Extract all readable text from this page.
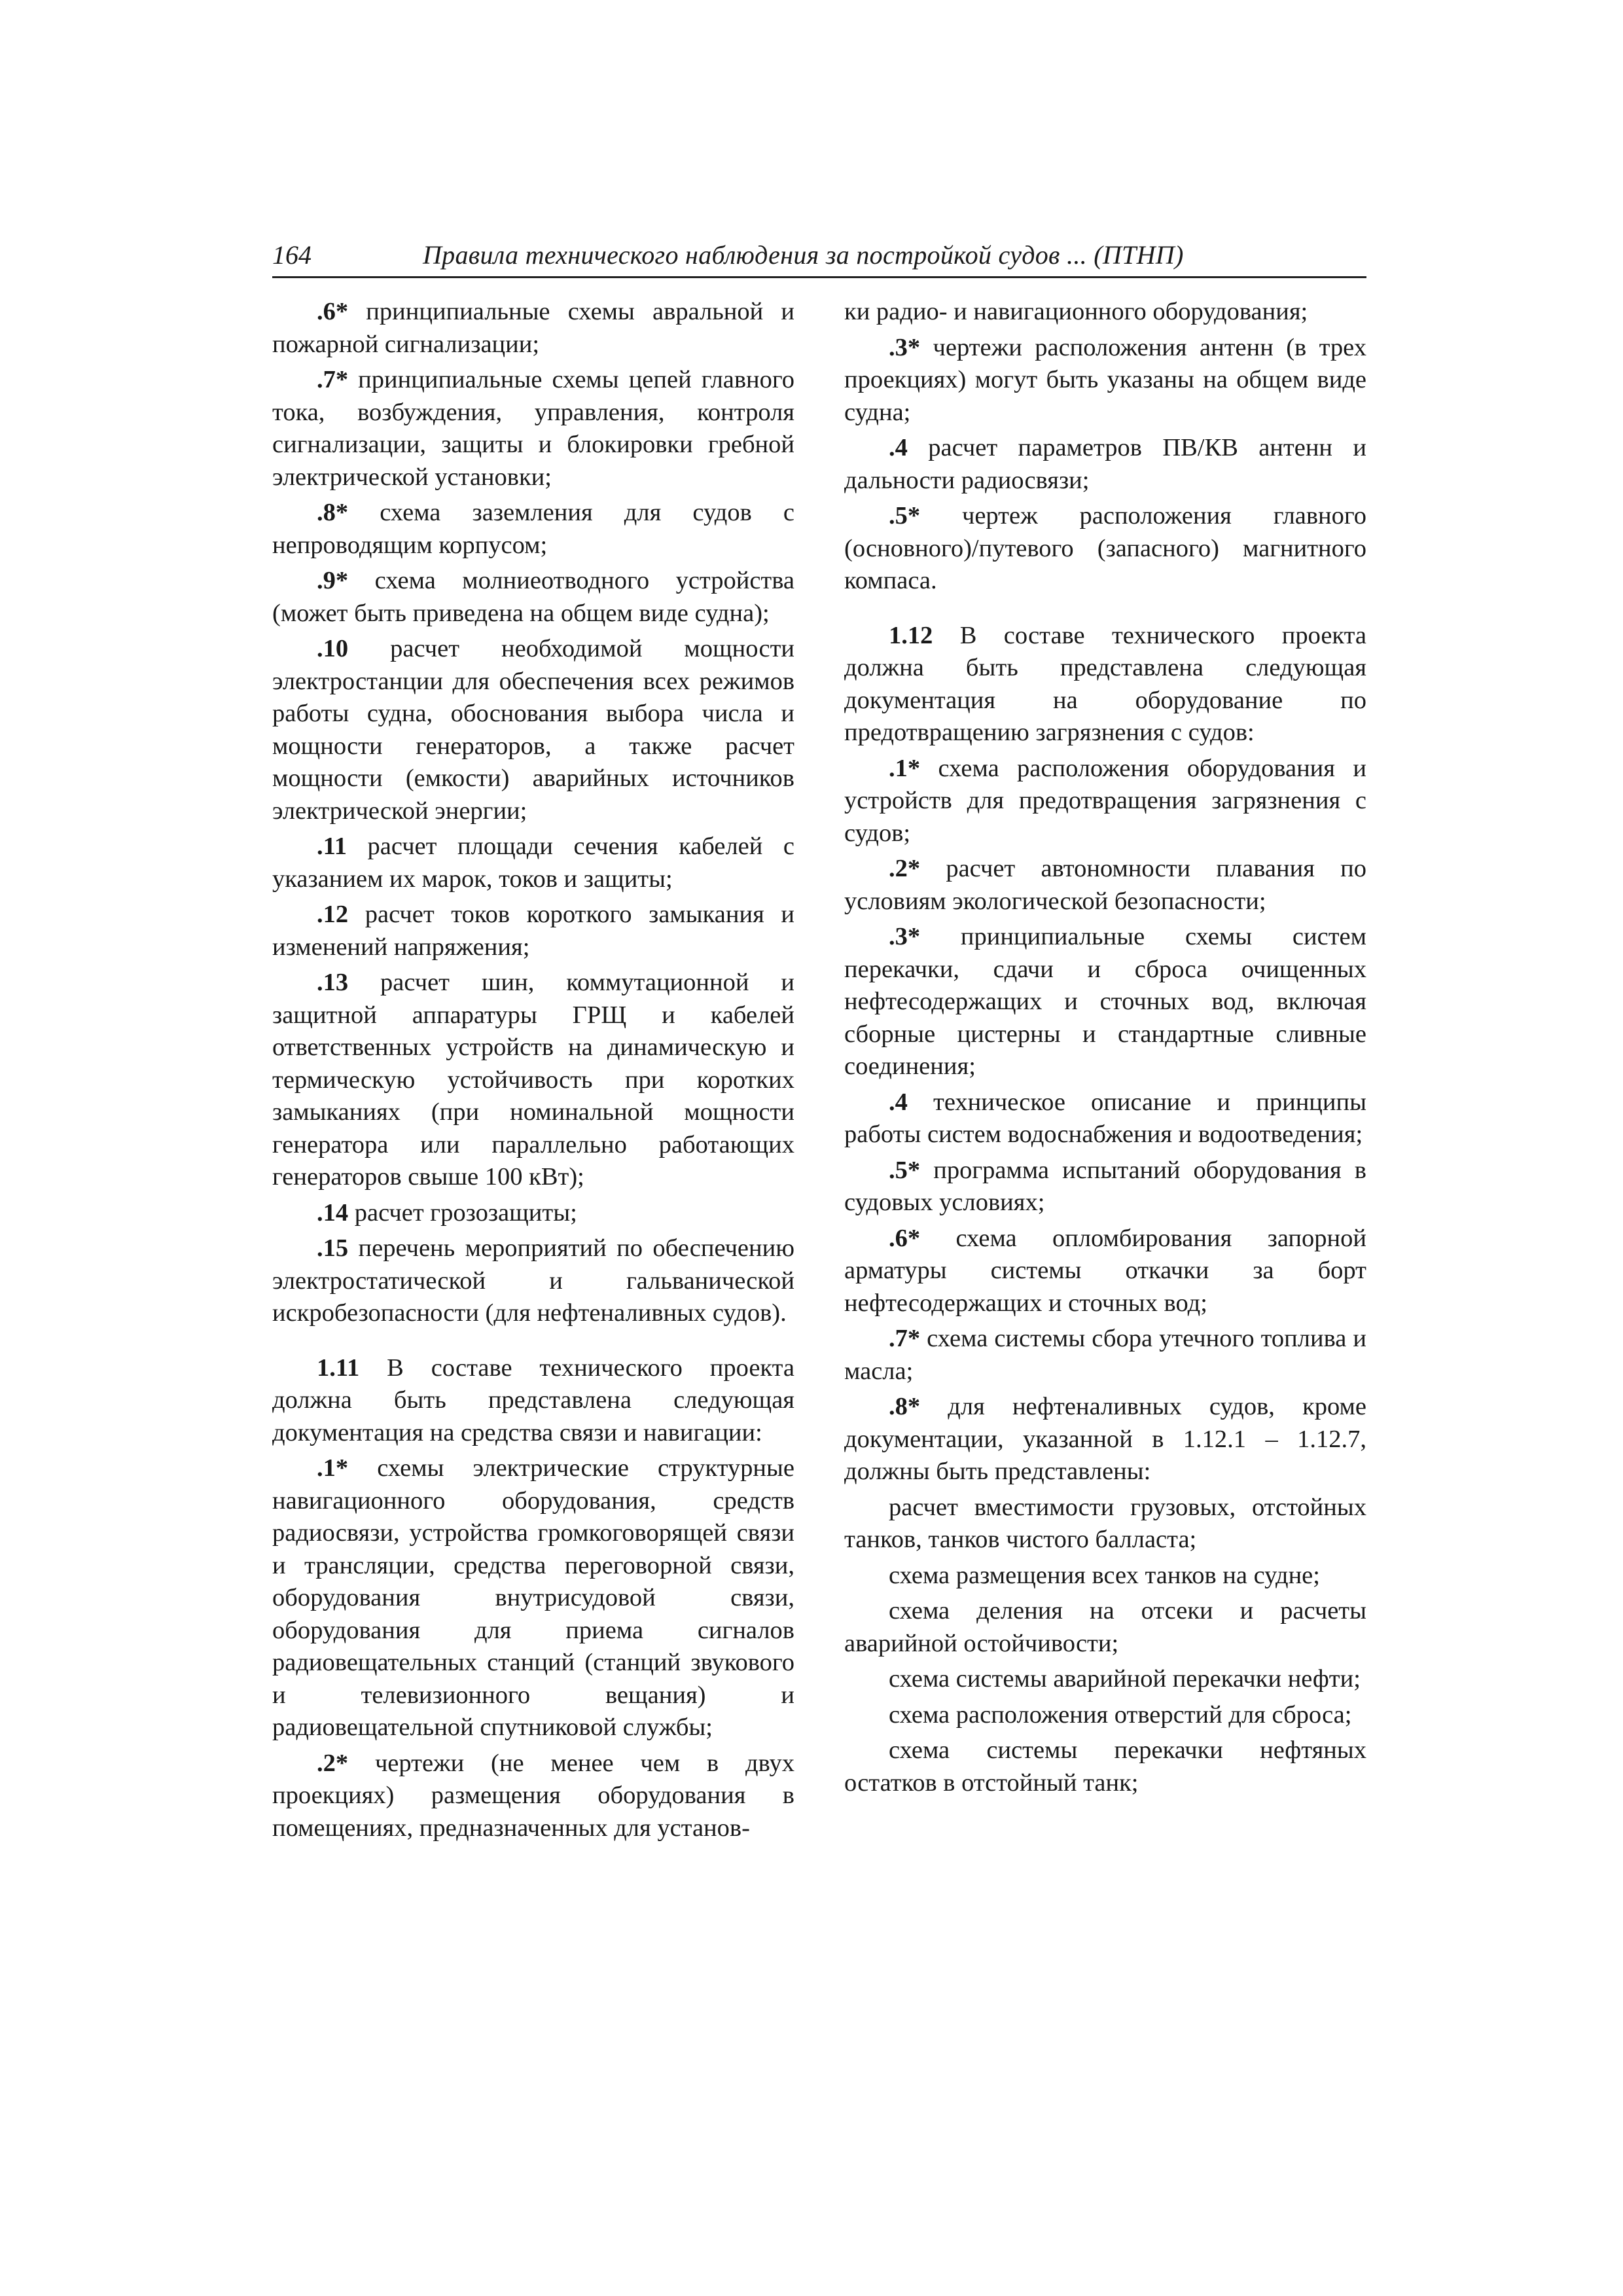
164	Правила технического наблюдения за постройкой судов ... (ПТНП)

.6* принципиальные схемы авральной и пожарной сигнализации;

.7* принципиальные схемы цепей главного тока, возбуждения, управления, контроля сигнализации, защиты и блокировки гребной электрической установки;

.8* схема заземления для судов с непроводящим корпусом;

.9* схема молниеотводного устройства (может быть приведена на общем виде судна);

.10 расчет необходимой мощности электростанции для обеспечения всех режимов работы судна, обоснования выбора числа и мощности генераторов, а также расчет мощности (емкости) аварийных источников электрической энергии;

.11 расчет площади сечения кабелей с указанием их марок, токов и защиты;

.12 расчет токов короткого замыкания и изменений напряжения;

.13 расчет шин, коммутационной и защитной аппаратуры ГРЩ и кабелей ответственных устройств на динамическую и термическую устойчивость при коротких замыканиях (при номинальной мощности генератора или параллельно работающих генераторов свыше 100 кВт);

.14 расчет грозозащиты;

.15 перечень мероприятий по обеспечению электростатической и гальванической искробезопасности (для нефтеналивных судов).

1.11 В составе технического проекта должна быть представлена следующая документация на средства связи и навигации:

.1* схемы электрические структурные навигационного оборудования, средств радиосвязи, устройства громкоговорящей связи и трансляции, средства переговорной связи, оборудования внутрисудовой связи, оборудования для приема сигналов радиовещательных станций (станций звукового и телевизионного вещания) и радиовещательной спутниковой службы;

.2* чертежи (не менее чем в двух проекциях) размещения оборудования в помещениях, предназначенных для установ-

ки радио- и навигационного оборудования;

.3* чертежи расположения антенн (в трех проекциях) могут быть указаны на общем виде судна;

.4 расчет параметров ПВ/КВ антенн и дальности радиосвязи;

.5* чертеж расположения главного (основного)/путевого (запасного) магнитного компаса.

1.12 В составе технического проекта должна быть представлена следующая документация на оборудование по предотвращению загрязнения с судов:

.1* схема расположения оборудования и устройств для предотвращения загрязнения с судов;

.2* расчет автономности плавания по условиям экологической безопасности;

.3* принципиальные схемы систем перекачки, сдачи и сброса очищенных нефтесодержащих и сточных вод, включая сборные цистерны и стандартные сливные соединения;

.4 техническое описание и принципы работы систем водоснабжения и водоотведения;

.5* программа испытаний оборудования в судовых условиях;

.6* схема опломбирования запорной арматуры системы откачки за борт нефтесодержащих и сточных вод;

.7* схема системы сбора утечного топлива и масла;

.8* для нефтеналивных судов, кроме документации, указанной в 1.12.1 – 1.12.7, должны быть представлены:

расчет вместимости грузовых, отстойных танков, танков чистого балласта;

схема размещения всех танков на судне;

схема деления на отсеки и расчеты аварийной остойчивости;

схема системы аварийной перекачки нефти;

схема расположения отверстий для сброса;

схема системы перекачки нефтяных остатков в отстойный танк;
